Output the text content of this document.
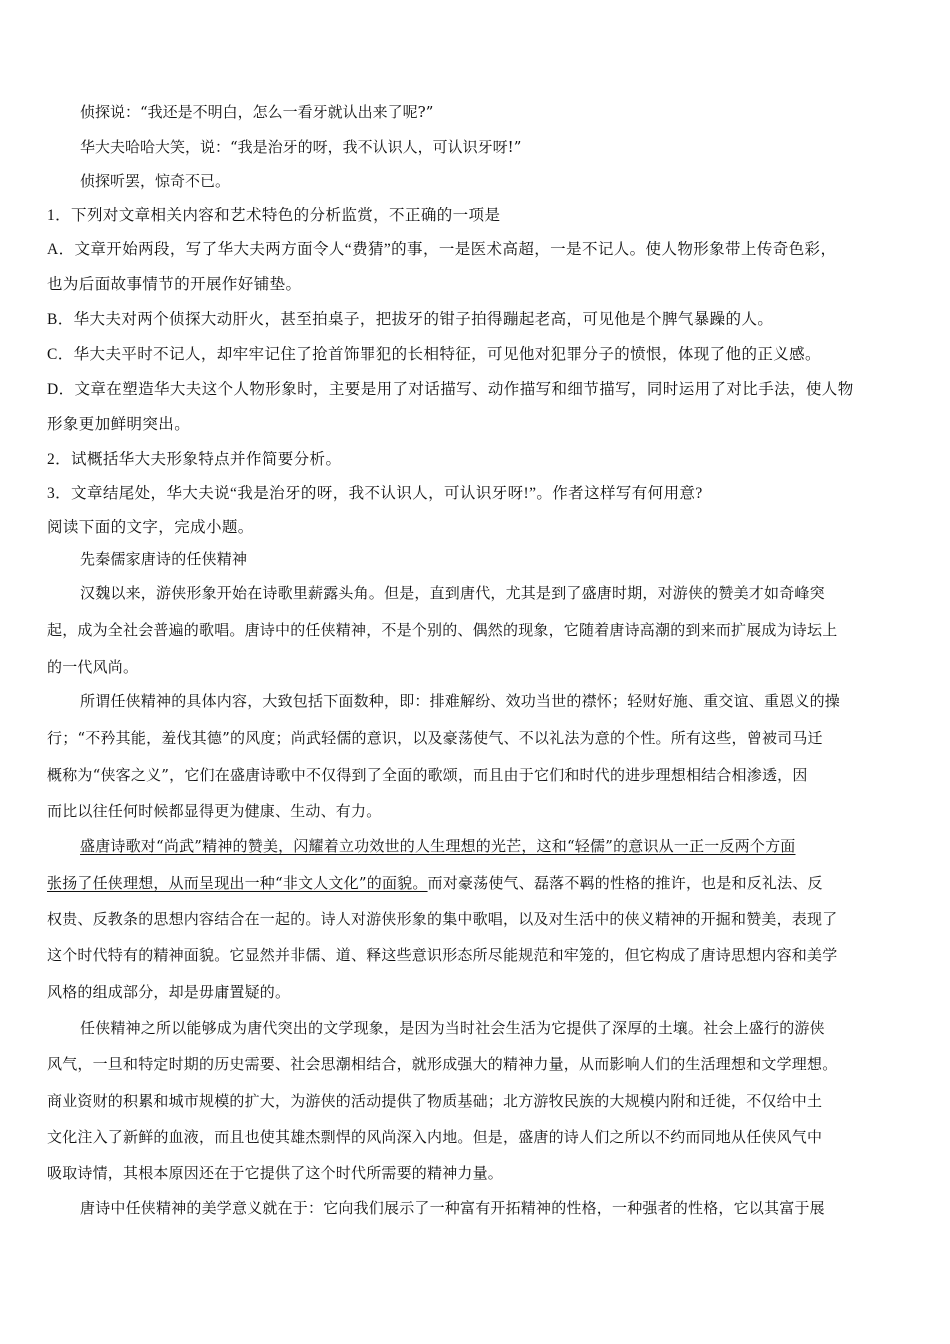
侦探说：“我还是不明白，怎么一看牙就认出来了呢?”
华大夫哈哈大笑，说：“我是治牙的呀，我不认识人，可认识牙呀!”
侦探听罢，惊奇不已。
1．下列对文章相关内容和艺术特色的分析监赏，不正确的一项是
A．文章开始两段，写了华大夫两方面令人“费猜”的事，一是医术高超，一是不记人。使人物形象带上传奇色彩，
也为后面故事情节的开展作好铺垫。
B．华大夫对两个侦探大动肝火，甚至拍桌子，把拔牙的钳子拍得蹦起老高，可见他是个脾气暴躁的人。
C．华大夫平时不记人，却牢牢记住了抢首饰罪犯的长相特征，可见他对犯罪分子的愤恨，体现了他的正义感。
D．文章在塑造华大夫这个人物形象时，主要是用了对话描写、动作描写和细节描写，同时运用了对比手法，使人物
形象更加鲜明突出。
2．试概括华大夫形象特点并作简要分析。
3．文章结尾处，华大夫说“我是治牙的呀，我不认识人，可认识牙呀!”。作者这样写有何用意?
阅读下面的文字，完成小题。
先秦儒家唐诗的任侠精神
汉魏以来，游侠形象开始在诗歌里薪露头角。但是，直到唐代，尤其是到了盛唐时期，对游侠的赞美才如奇峰突
起，成为全社会普遍的歌唱。唐诗中的任侠精神，不是个别的、偶然的现象，它随着唐诗高潮的到来而扩展成为诗坛上
的一代风尚。
所谓任侠精神的具体内容，大致包括下面数种，即：排难解纷、效功当世的襟怀；轻财好施、重交谊、重恩义的操
行；“不矜其能，羞伐其德”的风度；尚武轻儒的意识，以及豪荡使气、不以礼法为意的个性。所有这些，曾被司马迁
概称为“侠客之义”，它们在盛唐诗歌中不仅得到了全面的歌颂，而且由于它们和时代的进步理想相结合相渗透，因
而比以往任何时候都显得更为健康、生动、有力。
盛唐诗歌对“尚武”精神的赞美，闪耀着立功效世的人生理想的光芒，这和“轻儒”的意识从一正一反两个方面
张扬了任侠理想，从而呈现出一种“非文人文化”的面貌。而对豪荡使气、磊落不羁的性格的推许，也是和反礼法、反
权贵、反教条的思想内容结合在一起的。诗人对游侠形象的集中歌唱，以及对生活中的侠义精神的开掘和赞美，表现了
这个时代特有的精神面貌。它显然并非儒、道、释这些意识形态所尽能规范和牢笼的，但它构成了唐诗思想内容和美学
风格的组成部分，却是毋庸置疑的。
任侠精神之所以能够成为唐代突出的文学现象，是因为当时社会生活为它提供了深厚的土壤。社会上盛行的游侠
风气，一旦和特定时期的历史需要、社会思潮相结合，就形成强大的精神力量，从而影响人们的生活理想和文学理想。
商业资财的积累和城市规模的扩大，为游侠的活动提供了物质基础；北方游牧民族的大规模内附和迁徙，不仅给中土
文化注入了新鲜的血液，而且也使其雄杰剽悍的风尚深入内地。但是，盛唐的诗人们之所以不约而同地从任侠风气中
吸取诗情，其根本原因还在于它提供了这个时代所需要的精神力量。
唐诗中任侠精神的美学意义就在于：它向我们展示了一种富有开拓精神的性格，一种强者的性格，它以其富于展
